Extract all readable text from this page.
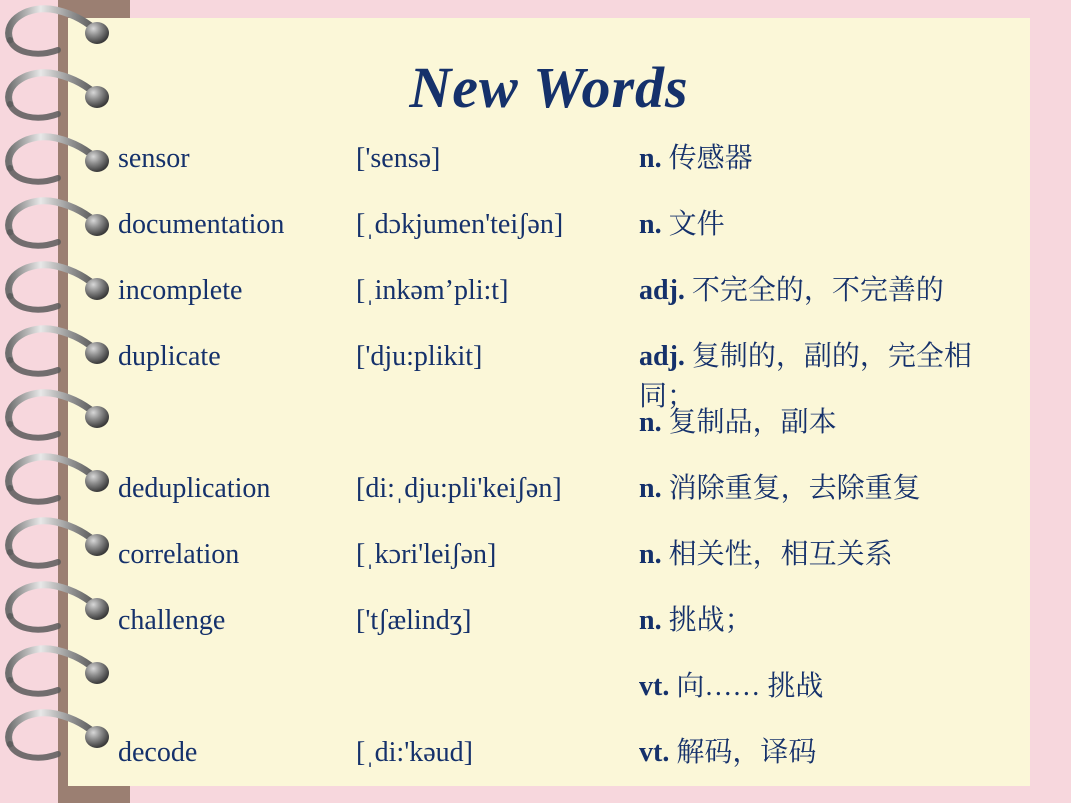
New Words
sensor	['sensə]	n. 传感器
documentation	[ˌdɔkjumen'teiʃən]	n. 文件
incomplete	[ˌinkəm’pli:t]	adj. 不完全的，不完善的
duplicate	['dju:plikit]	adj. 复制的，副的，完全相同；
n. 复制品，副本
deduplication	[di:ˌdju:pli'keiʃən]	n. 消除重复，去除重复
correlation	[ˌkɔri'leiʃən]	n. 相关性，相互关系
challenge	['tʃælindʒ]	n. 挑战；
vt. 向…… 挑战
decode	[ˌdi:'kəud]	vt. 解码，译码
